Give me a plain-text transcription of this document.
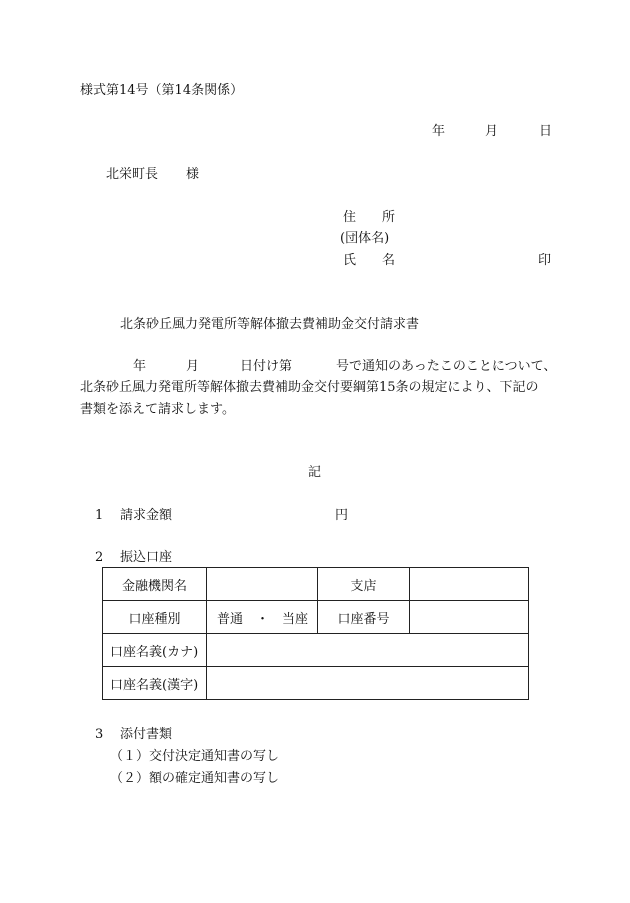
様式第14号（第14条関係）
年	月	日
北栄町長 様
住　　所
(団体名)
氏　　名	印
北条砂丘風力発電所等解体撤去費補助金交付請求書
年	月	日付け第	号で通知のあったこのことについて、
北条砂丘風力発電所等解体撤去費補助金交付要綱第15条の規定により、下記の
書類を添えて請求します。
記
1 請求金額	円
2 振込口座
金融機関名		支店	
口座種別	普通　・　当座	口座番号	
口座名義(カナ)			
口座名義(漢字)			
3 添付書類
（１）交付決定通知書の写し
（２）額の確定通知書の写し
